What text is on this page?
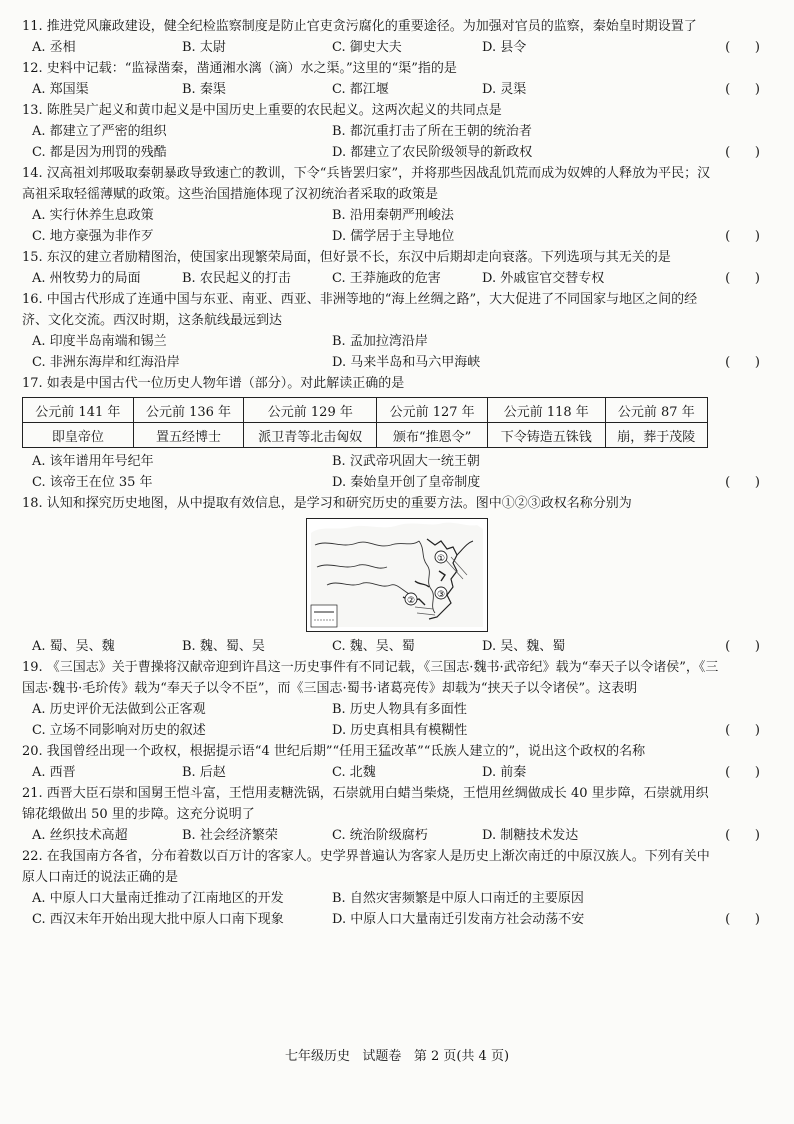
11. 推进党风廉政建设，健全纪检监察制度是防止官吏贪污腐化的重要途径。为加强对官员的监察，秦始皇时期设置了
(      )
A. 丞相	B. 太尉	C. 御史大夫	D. 县令
12. 史料中记载：“监禄凿秦，凿通湘水漓（滴）水之渠。”这里的“渠”指的是
(      )
A. 郑国渠	B. 秦渠	C. 都江堰	D. 灵渠
13. 陈胜吴广起义和黄巾起义是中国历史上重要的农民起义。这两次起义的共同点是
(      )
A. 都建立了严密的组织	B. 都沉重打击了所在王朝的统治者
C. 都是因为刑罚的残酷	D. 都建立了农民阶级领导的新政权
14. 汉高祖刘邦吸取秦朝暴政导致速亡的教训，下令“兵皆罢归家”，并将那些因战乱饥荒而成为奴婢的人释放为平民；汉高祖采取轻徭薄赋的政策。这些治国措施体现了汉初统治者采取的政策是
(      )
A. 实行休养生息政策	B. 沿用秦朝严刑峻法
C. 地方豪强为非作歹	D. 儒学居于主导地位
15. 东汉的建立者励精图治，使国家出现繁荣局面，但好景不长，东汉中后期却走向衰落。下列选项与其无关的是
(      )
A. 州牧势力的局面	B. 农民起义的打击	C. 王莽施政的危害	D. 外戚宦官交替专权
16. 中国古代形成了连通中国与东亚、南亚、西亚、非洲等地的“海上丝绸之路”，大大促进了不同国家与地区之间的经济、文化交流。西汉时期，这条航线最远到达
(      )
A. 印度半岛南端和锡兰	B. 孟加拉湾沿岸
C. 非洲东海岸和红海沿岸	D. 马来半岛和马六甲海峡
17. 如表是中国古代一位历史人物年谱（部分）。对此解读正确的是
(      )
公元前 141 年	公元前 136 年	公元前 129 年	公元前 127 年	公元前 118 年	公元前 87 年
即皇帝位	置五经博士	派卫青等北击匈奴	颁布“推恩令”	下令铸造五铢钱	崩，葬于茂陵
A. 该年谱用年号纪年	B. 汉武帝巩固大一统王朝
C. 该帝王在位 35 年	D. 秦始皇开创了皇帝制度
18. 认知和探究历史地图，从中提取有效信息，是学习和研究历史的重要方法。图中①②③政权名称分别为
(      )
①
②
③
A. 蜀、吴、魏	B. 魏、蜀、吴	C. 魏、吴、蜀	D. 吴、魏、蜀
19. 《三国志》关于曹操将汉献帝迎到许昌这一历史事件有不同记载，《三国志·魏书·武帝纪》载为“奉天子以令诸侯”，《三国志·魏书·毛玠传》载为“奉天子以令不臣”，而《三国志·蜀书·诸葛亮传》却载为“挟天子以令诸侯”。这表明
(      )
A. 历史评价无法做到公正客观	B. 历史人物具有多面性
C. 立场不同影响对历史的叙述	D. 历史真相具有模糊性
20. 我国曾经出现一个政权，根据提示语“4 世纪后期”“任用王猛改革”“氐族人建立的”，说出这个政权的名称
(      )
A. 西晋	B. 后赵	C. 北魏	D. 前秦
21. 西晋大臣石崇和国舅王恺斗富，王恺用麦糖洗锅，石崇就用白蜡当柴烧，王恺用丝绸做成长 40 里步障，石崇就用织锦花缎做出 50 里的步障。这充分说明了
(      )
A. 丝织技术高超	B. 社会经济繁荣	C. 统治阶级腐朽	D. 制糖技术发达
22. 在我国南方各省，分布着数以百万计的客家人。史学界普遍认为客家人是历史上渐次南迁的中原汉族人。下列有关中原人口南迁的说法正确的是
(      )
A. 中原人口大量南迁推动了江南地区的开发	B. 自然灾害频繁是中原人口南迁的主要原因
C. 西汉末年开始出现大批中原人口南下现象	D. 中原人口大量南迁引发南方社会动荡不安
七年级历史 试题卷 第 2 页(共 4 页)
